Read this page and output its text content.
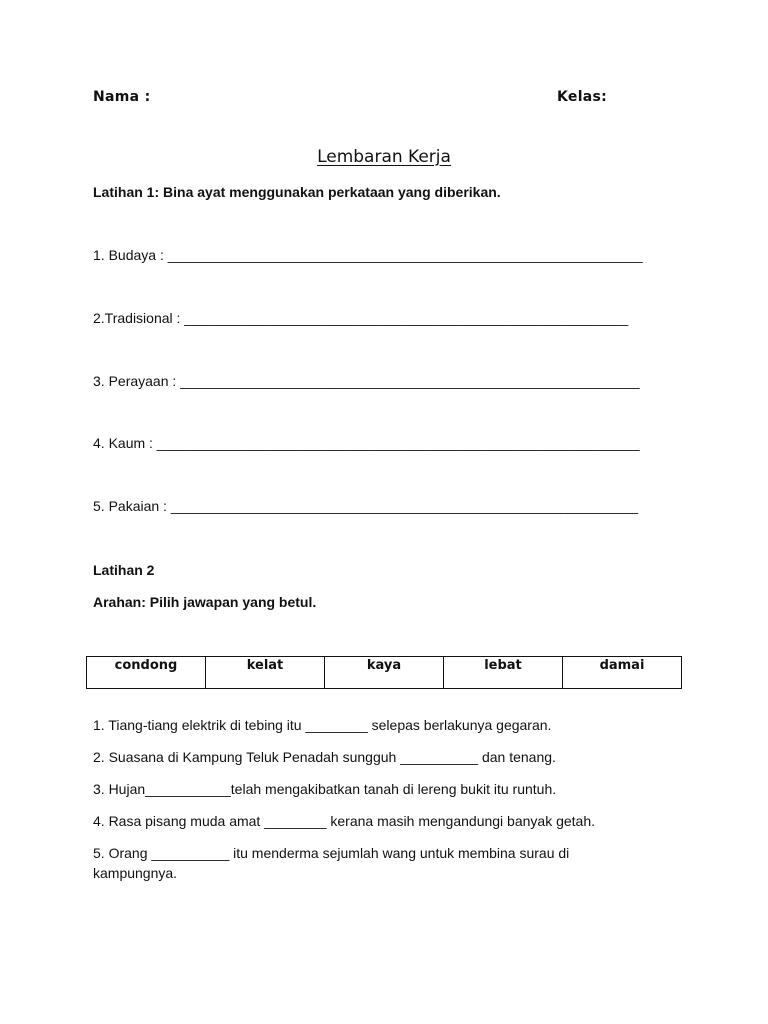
Nama :	Kelas:
Lembaran Kerja
Latihan 1: Bina ayat menggunakan perkataan yang diberikan.
1. Budaya : _____________________________________________________________
2.Tradisional : _________________________________________________________
3. Perayaan : ___________________________________________________________
4. Kaum : ______________________________________________________________
5. Pakaian : ____________________________________________________________
Latihan 2
Arahan: Pilih jawapan yang betul.
condong	kelat	kaya	lebat	damai
1. Tiang-tiang elektrik di tebing itu ________ selepas berlakunya gegaran.
2. Suasana di Kampung Teluk Penadah sungguh __________ dan tenang.
3. Hujan___________telah mengakibatkan tanah di lereng bukit itu runtuh.
4. Rasa pisang muda amat ________ kerana masih mengandungi banyak getah.
5. Orang __________ itu menderma sejumlah wang untuk membina surau di kampungnya.
